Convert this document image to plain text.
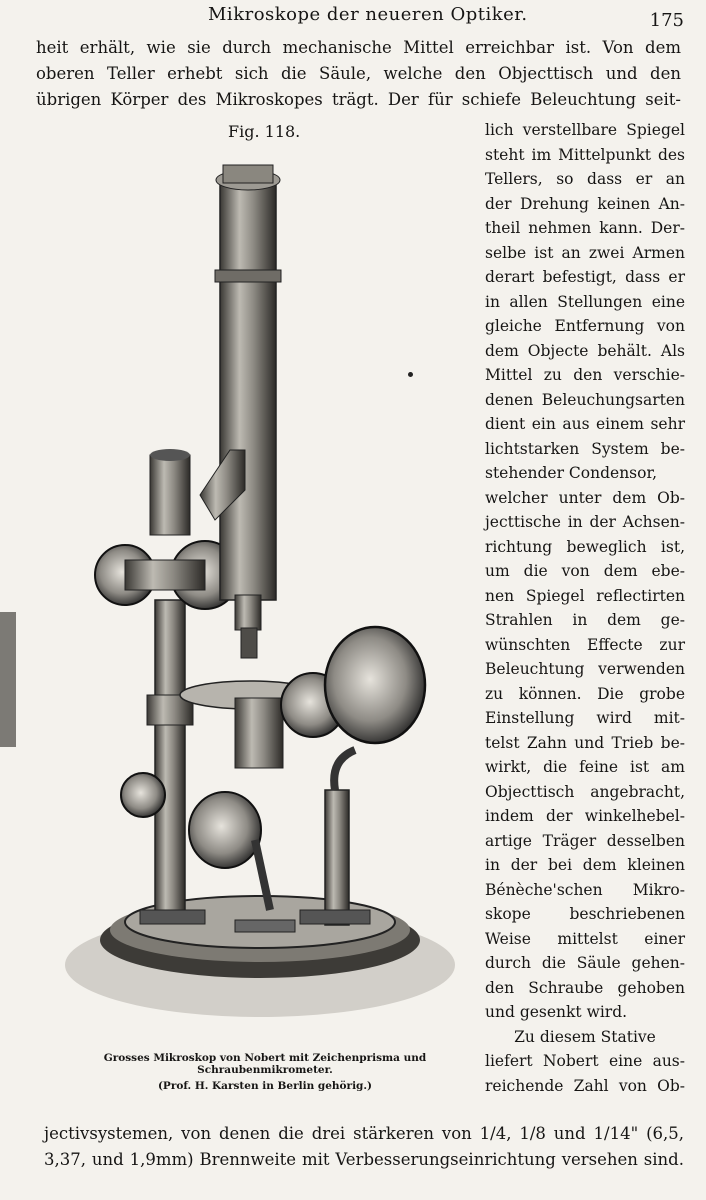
Mikroskope der neueren Optiker.	175
heit erhält, wie sie durch mechanische Mittel erreichbar ist. Von dem
oberen Teller erhebt sich die Säule, welche den Objecttisch und den
übrigen Körper des Mikroskopes trägt. Der für schiefe Beleuchtung seit-
Fig. 118.
Grosses Mikroskop von Nobert mit Zeichenprisma und
Schraubenmikrometer.
(Prof. H. Karsten in Berlin gehörig.)
lich verstellbare Spiegel
steht im Mittelpunkt des
Tellers, so dass er an
der Drehung keinen An-
theil nehmen kann. Der-
selbe ist an zwei Armen
derart befestigt, dass er
in allen Stellungen eine
gleiche Entfernung von
dem Objecte behält. Als
Mittel zu den verschie-
denen Beleuchungsarten
dient ein aus einem sehr
lichtstarken System be-
stehender Condensor,
welcher unter dem Ob-
jecttische in der Achsen-
richtung beweglich ist,
um die von dem ebe-
nen Spiegel reflectirten
Strahlen in dem ge-
wünschten Effecte zur
Beleuchtung verwenden
zu können. Die grobe
Einstellung wird mit-
telst Zahn und Trieb be-
wirkt, die feine ist am
Objecttisch angebracht,
indem der winkelhebel-
artige Träger desselben
in der bei dem kleinen
Bénèche'schen Mikro-
skope beschriebenen
Weise mittelst einer
durch die Säule gehen-
den Schraube gehoben
und gesenkt wird.
Zu diesem Stative
liefert Nobert eine aus-
reichende Zahl von Ob-
jectivsystemen, von denen die drei stärkeren von 1/4, 1/8 und 1/14" (6,5,
3,37, und 1,9mm) Brennweite mit Verbesserungseinrichtung versehen sind.
